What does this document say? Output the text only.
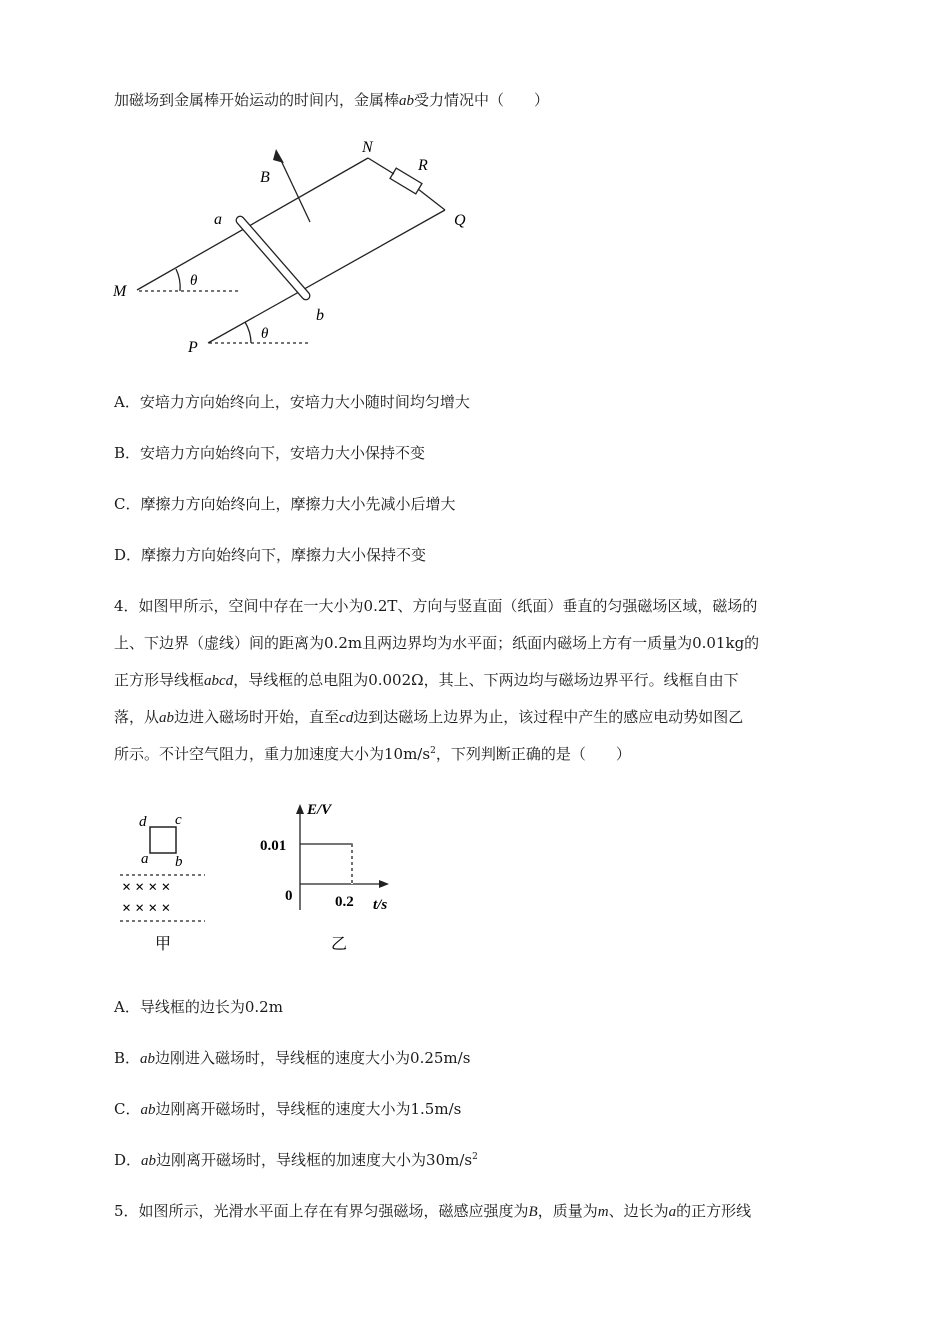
加磁场到金属棒开始运动的时间内，金属棒ab受力情况中（　　）
B
N
R
Q
a
b
M
P
θ
θ
A．安培力方向始终向上，安培力大小随时间均匀增大
B．安培力方向始终向下，安培力大小保持不变
C．摩擦力方向始终向上，摩擦力大小先减小后增大
D．摩擦力方向始终向下，摩擦力大小保持不变
4．如图甲所示，空间中存在一大小为0.2T、方向与竖直面（纸面）垂直的匀强磁场区域，磁场的
上、下边界（虚线）间的距离为0.2m且两边界均为水平面；纸面内磁场上方有一质量为0.01kg的
正方形导线框abcd，导线框的总电阻为0.002Ω，其上、下两边均与磁场边界平行。线框自由下
落，从ab边进入磁场时开始，直至cd边到达磁场上边界为止，该过程中产生的感应电动势如图乙
所示。不计空气阻力，重力加速度大小为$10m/s^2$，下列判断正确的是（　　）
d c
a b
× × × ×
× × × ×
甲
E/V
0.01
0	0.2 t/s
乙
A．导线框的边长为0.2m
B．ab边刚进入磁场时，导线框的速度大小为0.25m/s
C．ab边刚离开磁场时，导线框的速度大小为1.5m/s
D．ab边刚离开磁场时，导线框的加速度大小为$30m/s^2$
5．如图所示，光滑水平面上存在有界匀强磁场，磁感应强度为B，质量为m、边长为a的正方形线
